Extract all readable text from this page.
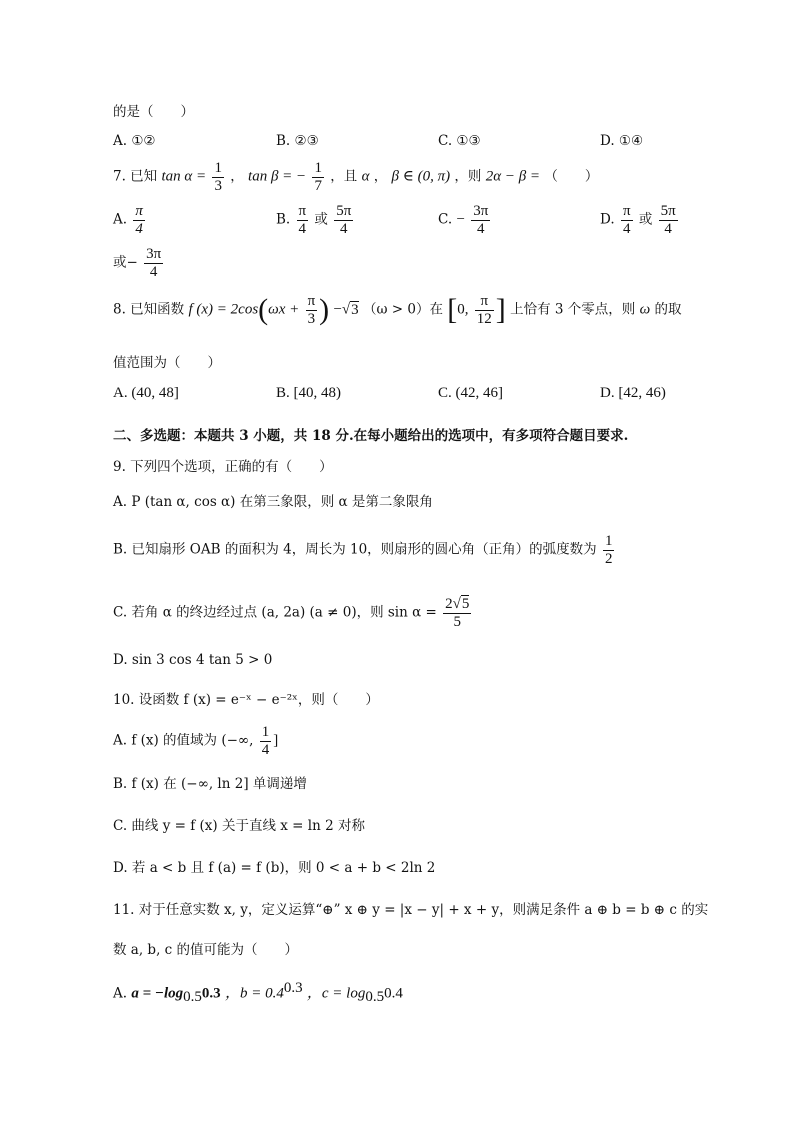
的是（　　）
A. ①②	B. ②③	C. ①③	D. ①④
7. 已知 $\tan \alpha = \frac{1}{3}$ ， tan β = − $\frac{1}{7}$ ，且 α ， β ∈ (0, π) ，则 2α − β = （　　）
A. $\frac{\pi}{4}$	B. $\frac{\pi}{4}$ 或 $\frac{5\pi}{4}$	C. − $\frac{3\pi}{4}$	D. $\frac{\pi}{4}$ 或 $\frac{5\pi}{4}$
或− $\frac{3\pi}{4}$
8. 已知函数 f $(x) = 2\cos(\omega x + \frac{\pi}{3}$ ) −√3 （ω > 0）在 [0, $\frac{\pi}{12}$ ] 上恰有 3 个零点，则 ω 的取
值范围为（　　）
A. (40, 48]	B. [40, 48)	C. (42, 46]	D. [42, 46)
二、多选题：本题共 3 小题，共 18 分.在每小题给出的选项中，有多项符合题目要求.
9. 下列四个选项，正确的有（　　）
A. P (tan α, cos α) 在第三象限，则 α 是第二象限角
B. 已知扇形 OAB 的面积为 4，周长为 10，则扇形的圆心角（正角）的弧度数为 $\frac{1}{2}$
C. 若角 α 的终边经过点 (a, 2a) (a ≠ 0)，则 $\sin \alpha = \frac{2√5}{5}$
D. sin 3 cos 4 tan 5 > 0
10. 设函数 f (x) = e⁻ˣ − e⁻²ˣ，则（　　）
A. f (x) 的值域为 (−∞, $\frac{1}{4}$ ]
B. f (x) 在 (−∞, ln 2] 单调递增
C. 曲线 y = f (x) 关于直线 x = ln 2 对称
D. 若 a < b 且 f (a) = f (b)，则 0 < a + b < 2ln 2
11. 对于任意实数 x, y，定义运算“⊕” x ⊕ y = |x − y| + x + y，则满足条件 a ⊕ b = b ⊕ c 的实
数 a, b, c 的值可能为（　　）
A. $a = -\log_{0.5}0.3$ ，$b = 0.4^{0.3}$ ，$c = \log_{0.5}0.4$
